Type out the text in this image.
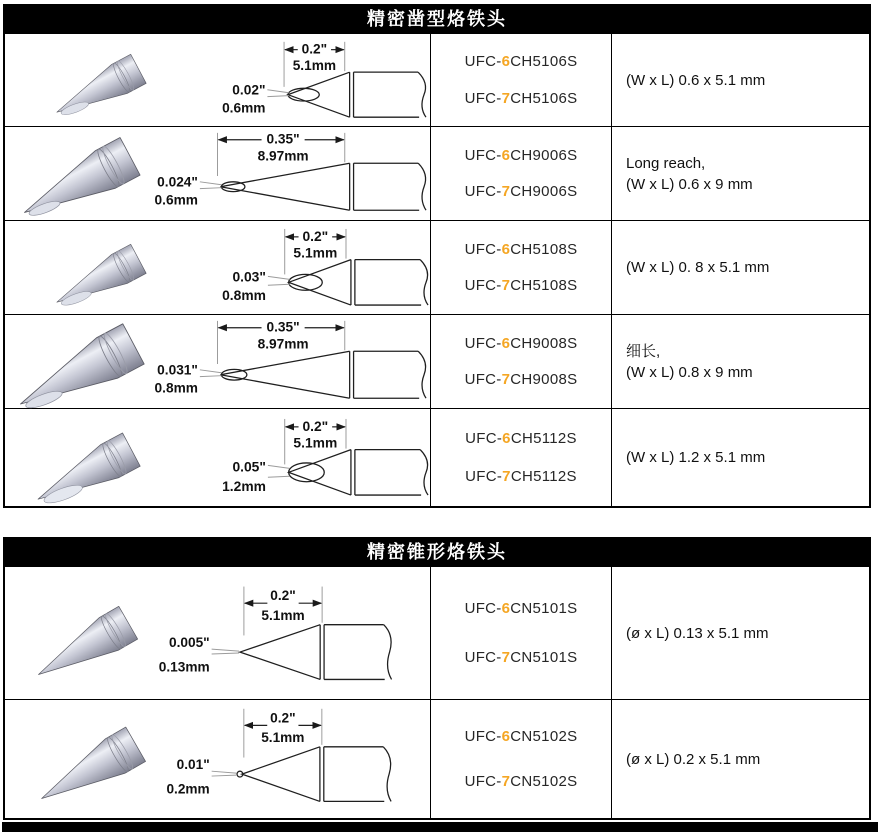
精密凿型烙铁头
0.2"
5.1mm
0.02"
0.6mm
UFC-6CH5106S
UFC-7CH5106S
(W x L) 0.6 x 5.1 mm
0.35"
8.97mm
0.024"
0.6mm
UFC-6CH9006S
UFC-7CH9006S
Long reach,
(W x L) 0.6 x 9 mm
0.2"
5.1mm
0.03"
0.8mm
UFC-6CH5108S
UFC-7CH5108S
(W x L) 0. 8 x 5.1 mm
0.35"
8.97mm
0.031"
0.8mm
UFC-6CH9008S
UFC-7CH9008S
细长,
(W x L) 0.8 x 9 mm
0.2"
5.1mm
0.05"
1.2mm
UFC-6CH5112S
UFC-7CH5112S
(W x L) 1.2 x 5.1 mm
精密锥形烙铁头
0.2"
5.1mm
0.005"
0.13mm
UFC-6CN5101S
UFC-7CN5101S
(ø x L) 0.13 x 5.1 mm
0.2"
5.1mm
0.01"
0.2mm
UFC-6CN5102S
UFC-7CN5102S
(ø x L) 0.2 x 5.1 mm
